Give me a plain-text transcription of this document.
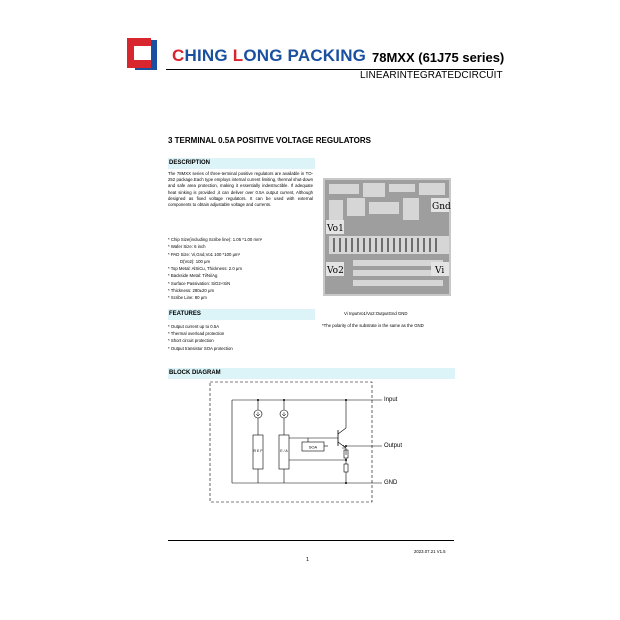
CHING LONG PACKING 78MXX (61J75 series)
LINEARINTEGRATEDCIRCUIT
3 TERMINAL 0.5A POSITIVE VOLTAGE REGULATORS
DESCRIPTION
The 78MXX series of three-terminal positive regulators are available in TO-252 package.Each type employs internal current limiting, thermal shut-down and safe area protection, making it essentially indestructible. If adequate heat sinking is provided ,it can deliver over 0.5A output current, Although designed as fixed voltage regulators. It can be used with external components to obtain adjustable voltage and currents.
* Chip Size(including Scribe line): 1.05 *1.00 mm²
* Wafer Size: 6 inch
* PAD Size: Vi,Gnd,Vo1 100 *100 μm²
D(Vo2): 100 μm
* Top Metal: AlSiCu, Thickness: 2.0 μm
* Backside Metal: Ti/Ni/Ag
* Surface Passivation: SiO2+SiN
* Thickness: 280±20 μm
* Scribe Line: 80 μm
Gnd
Vo1
Vo2	Vi
Vi InputVo1/Vo2:OutputGnd GND
FEATURES
* Output current up to 0.5A
* Thermal overload protection
* Short circuit protection
* Output transistor SOA protection
*The polarity of the substrate is the same as the GND
BLOCK DIAGRAM
R E F	E / A
SOA
Input
Output
GND
2023.07.21 V1.5
1
